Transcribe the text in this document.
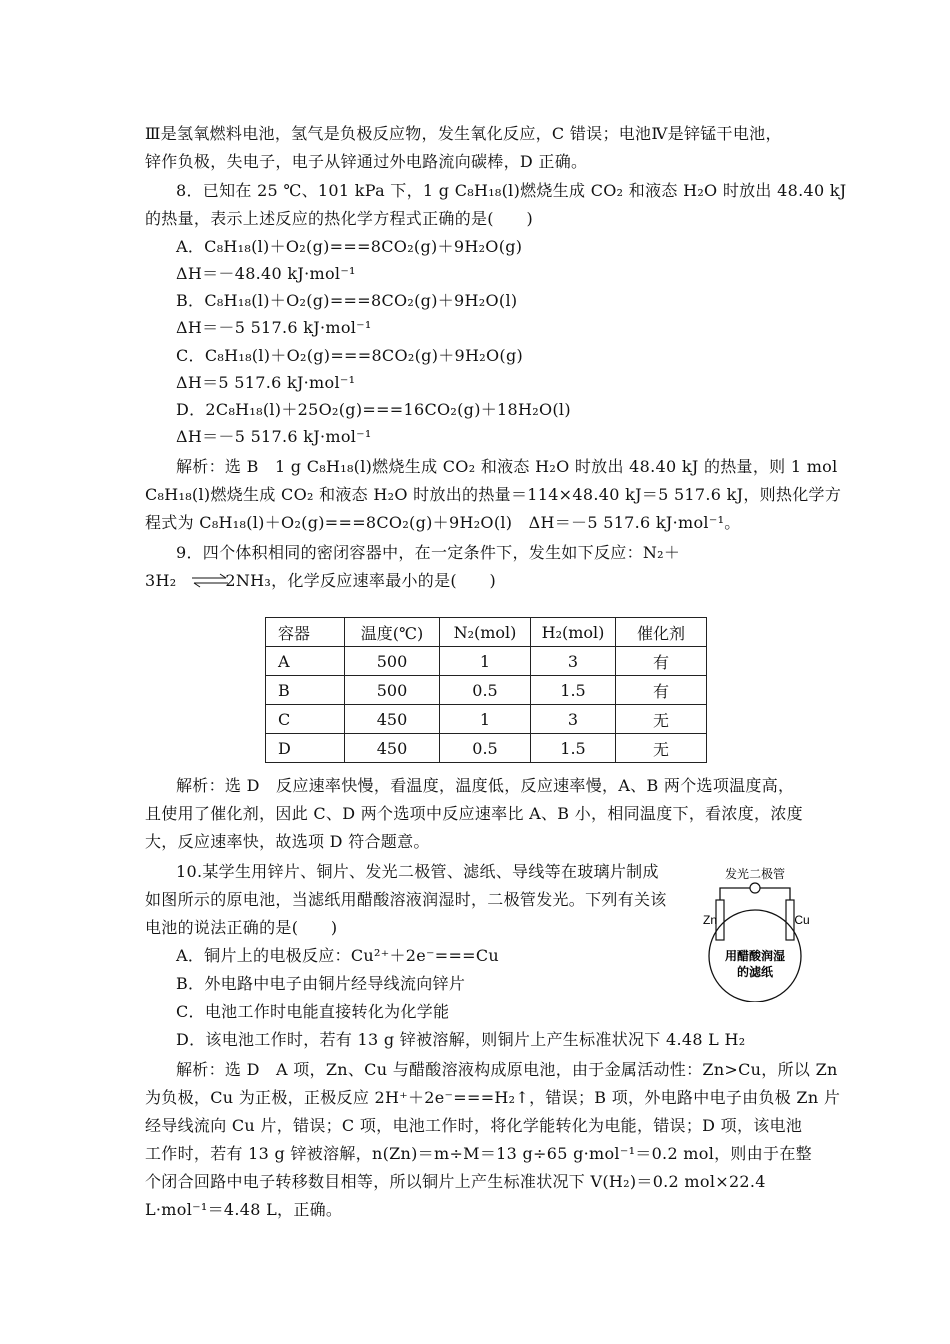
Ⅲ是氢氧燃料电池，氢气是负极反应物，发生氧化反应，C 错误；电池Ⅳ是锌锰干电池，
锌作负极，失电子，电子从锌通过外电路流向碳棒，D 正确。
8．已知在 25 ℃、101 kPa 下，1 g C₈H₁₈(l)燃烧生成 CO₂ 和液态 H₂O 时放出 48.40 kJ
的热量，表示上述反应的热化学方程式正确的是(　　)
A．C₈H₁₈(l)＋O₂(g)===8CO₂(g)＋9H₂O(g)
ΔH＝－48.40 kJ·mol⁻¹
B．C₈H₁₈(l)＋O₂(g)===8CO₂(g)＋9H₂O(l)
ΔH＝－5 517.6 kJ·mol⁻¹
C．C₈H₁₈(l)＋O₂(g)===8CO₂(g)＋9H₂O(g)
ΔH＝5 517.6 kJ·mol⁻¹
D．2C₈H₁₈(l)＋25O₂(g)===16CO₂(g)＋18H₂O(l)
ΔH＝－5 517.6 kJ·mol⁻¹
解析：选 B　1 g C₈H₁₈(l)燃烧生成 CO₂ 和液态 H₂O 时放出 48.40 kJ 的热量，则 1 mol
C₈H₁₈(l)燃烧生成 CO₂ 和液态 H₂O 时放出的热量＝114×48.40 kJ＝5 517.6 kJ，则热化学方
程式为 C₈H₁₈(l)＋O₂(g)===8CO₂(g)＋9H₂O(l)　ΔH＝－5 517.6 kJ·mol⁻¹。
9．四个体积相同的密闭容器中，在一定条件下，发生如下反应：N₂＋
3H₂　　　2NH₃，化学反应速率最小的是(　　)
容器	温度(℃)	N₂(mol)	H₂(mol)	催化剂
A	500	1	3	有
B	500	0.5	1.5	有
C	450	1	3	无
D	450	0.5	1.5	无
解析：选 D　反应速率快慢，看温度，温度低，反应速率慢，A、B 两个选项温度高，
且使用了催化剂，因此 C、D 两个选项中反应速率比 A、B 小，相同温度下，看浓度，浓度
大，反应速率快，故选项 D 符合题意。
10.某学生用锌片、铜片、发光二极管、滤纸、导线等在玻璃片制成
如图所示的原电池，当滤纸用醋酸溶液润湿时，二极管发光。下列有关该
电池的说法正确的是(　　)
A．铜片上的电极反应：Cu²⁺＋2e⁻===Cu
B．外电路中电子由铜片经导线流向锌片
C．电池工作时电能直接转化为化学能
D．该电池工作时，若有 13 g 锌被溶解，则铜片上产生标准状况下 4.48 L H₂
发光二极管
Zn	Cu
用醋酸润湿
的滤纸
解析：选 D　A 项，Zn、Cu 与醋酸溶液构成原电池，由于金属活动性：Zn>Cu，所以 Zn
为负极，Cu 为正极，正极反应 2H⁺＋2e⁻===H₂↑，错误；B 项，外电路中电子由负极 Zn 片
经导线流向 Cu 片，错误；C 项，电池工作时，将化学能转化为电能，错误；D 项，该电池
工作时，若有 13 g 锌被溶解，n(Zn)＝m÷M＝13 g÷65 g·mol⁻¹＝0.2 mol，则由于在整
个闭合回路中电子转移数目相等，所以铜片上产生标准状况下 V(H₂)＝0.2 mol×22.4
L·mol⁻¹＝4.48 L，正确。
